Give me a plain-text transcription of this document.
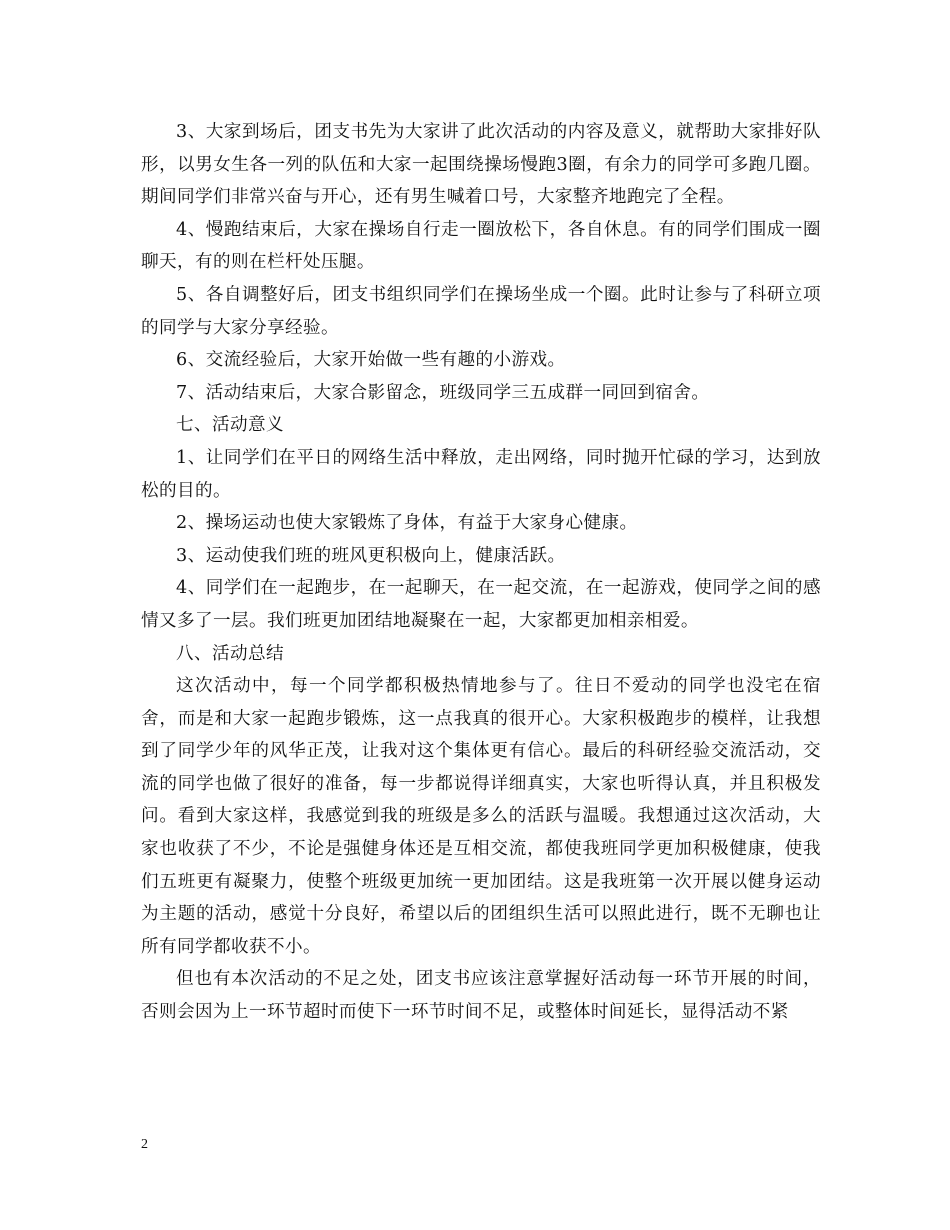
3、大家到场后，团支书先为大家讲了此次活动的内容及意义，就帮助大家排好队形，以男女生各一列的队伍和大家一起围绕操场慢跑3圈，有余力的同学可多跑几圈。期间同学们非常兴奋与开心，还有男生喊着口号，大家整齐地跑完了全程。

4、慢跑结束后，大家在操场自行走一圈放松下，各自休息。有的同学们围成一圈聊天，有的则在栏杆处压腿。

5、各自调整好后，团支书组织同学们在操场坐成一个圈。此时让参与了科研立项的同学与大家分享经验。

6、交流经验后，大家开始做一些有趣的小游戏。

7、活动结束后，大家合影留念，班级同学三五成群一同回到宿舍。

七、活动意义

1、让同学们在平日的网络生活中释放，走出网络，同时抛开忙碌的学习，达到放松的目的。

2、操场运动也使大家锻炼了身体，有益于大家身心健康。

3、运动使我们班的班风更积极向上，健康活跃。

4、同学们在一起跑步，在一起聊天，在一起交流，在一起游戏，使同学之间的感情又多了一层。我们班更加团结地凝聚在一起，大家都更加相亲相爱。

八、活动总结

这次活动中，每一个同学都积极热情地参与了。往日不爱动的同学也没宅在宿舍，而是和大家一起跑步锻炼，这一点我真的很开心。大家积极跑步的模样，让我想到了同学少年的风华正茂，让我对这个集体更有信心。最后的科研经验交流活动，交流的同学也做了很好的准备，每一步都说得详细真实，大家也听得认真，并且积极发问。看到大家这样，我感觉到我的班级是多么的活跃与温暖。我想通过这次活动，大家也收获了不少，不论是强健身体还是互相交流，都使我班同学更加积极健康，使我们五班更有凝聚力，使整个班级更加统一更加团结。这是我班第一次开展以健身运动为主题的活动，感觉十分良好，希望以后的团组织生活可以照此进行，既不无聊也让所有同学都收获不小。

但也有本次活动的不足之处，团支书应该注意掌握好活动每一环节开展的时间，否则会因为上一环节超时而使下一环节时间不足，或整体时间延长，显得活动不紧

2
